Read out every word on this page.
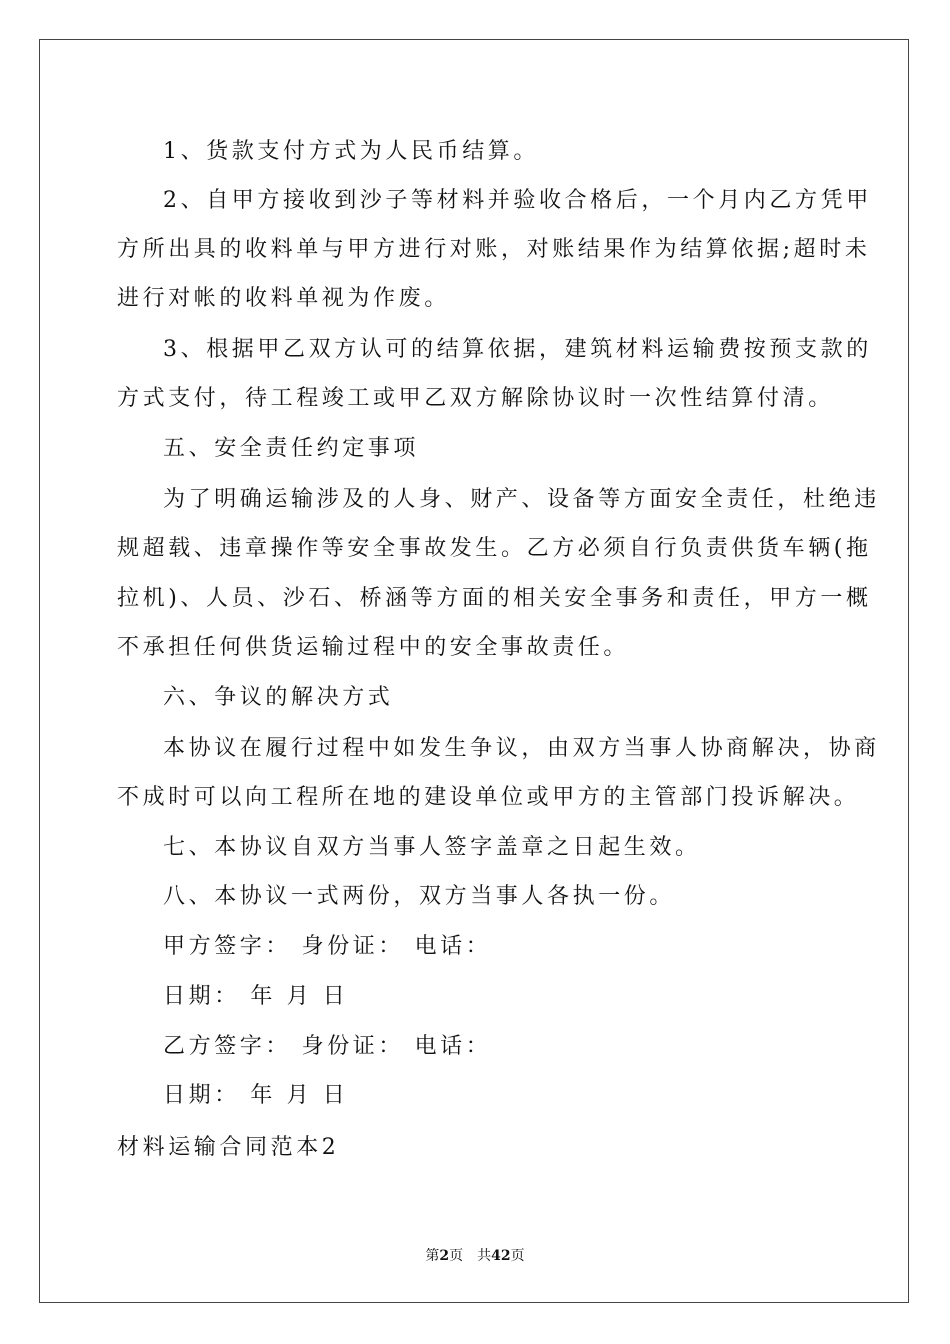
1、货款支付方式为人民币结算。
2、自甲方接收到沙子等材料并验收合格后，一个月内乙方凭甲
方所出具的收料单与甲方进行对账，对账结果作为结算依据;超时未
进行对帐的收料单视为作废。
3、根据甲乙双方认可的结算依据，建筑材料运输费按预支款的
方式支付，待工程竣工或甲乙双方解除协议时一次性结算付清。
五、安全责任约定事项
为了明确运输涉及的人身、财产、设备等方面安全责任，杜绝违
规超载、违章操作等安全事故发生。乙方必须自行负责供货车辆(拖
拉机)、人员、沙石、桥涵等方面的相关安全事务和责任，甲方一概
不承担任何供货运输过程中的安全事故责任。
六、争议的解决方式
本协议在履行过程中如发生争议，由双方当事人协商解决，协商
不成时可以向工程所在地的建设单位或甲方的主管部门投诉解决。
七、本协议自双方当事人签字盖章之日起生效。
八、本协议一式两份，双方当事人各执一份。
甲方签字： 身份证： 电话：
日期： 年 月 日
乙方签字： 身份证： 电话：
日期： 年 月 日
材料运输合同范本2
第2页 共42页
